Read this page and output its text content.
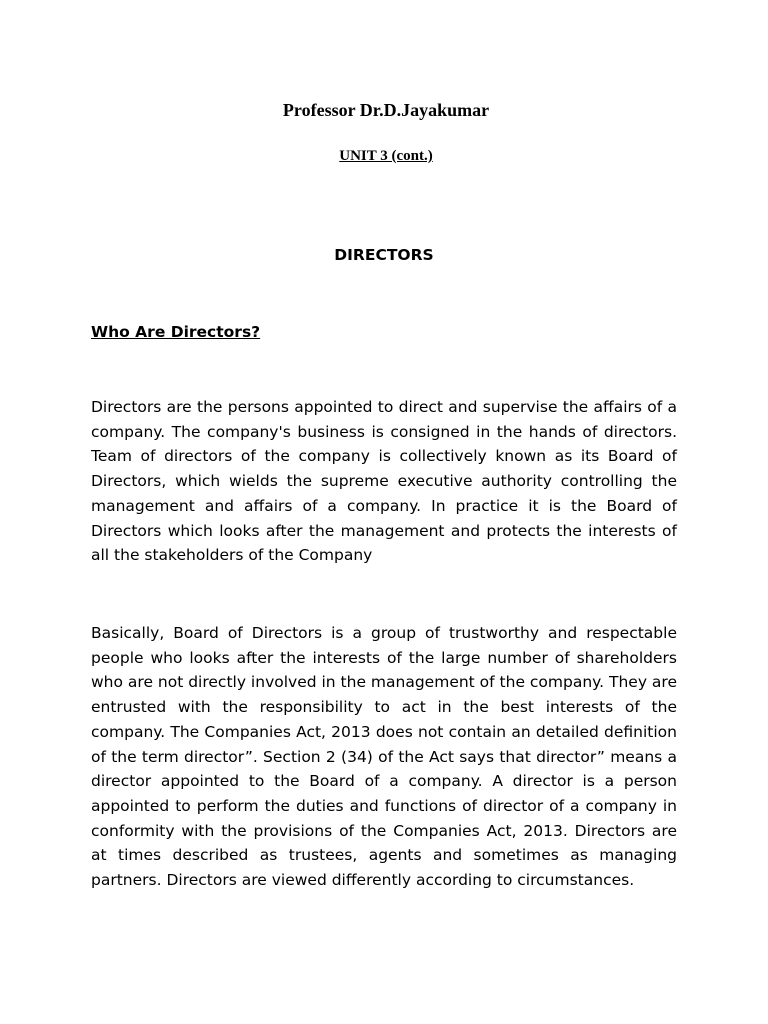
Professor Dr.D.Jayakumar
UNIT 3 (cont.)
DIRECTORS
Who Are Directors?

Directors are the persons appointed to direct and supervise the affairs of a company. The company's business is consigned in the hands of directors. Team of directors of the company is collectively known as its Board of Directors, which wields the supreme executive authority controlling the management and affairs of a company. In practice it is the Board of Directors which looks after the management and protects the interests of all the stakeholders of the Company

Basically, Board of Directors is a group of trustworthy and respectable people who looks after the interests of the large number of shareholders who are not directly involved in the management of the company. They are entrusted with the responsibility to act in the best interests of the company. The Companies Act, 2013 does not contain an detailed definition of the term director”. Section 2 (34) of the Act says that director” means a director appointed to the Board of a company. A director is a person appointed to perform the duties and functions of director of a company in conformity with the provisions of the Companies Act, 2013. Directors are at times described as trustees, agents and sometimes as managing partners. Directors are viewed differently according to circumstances.
